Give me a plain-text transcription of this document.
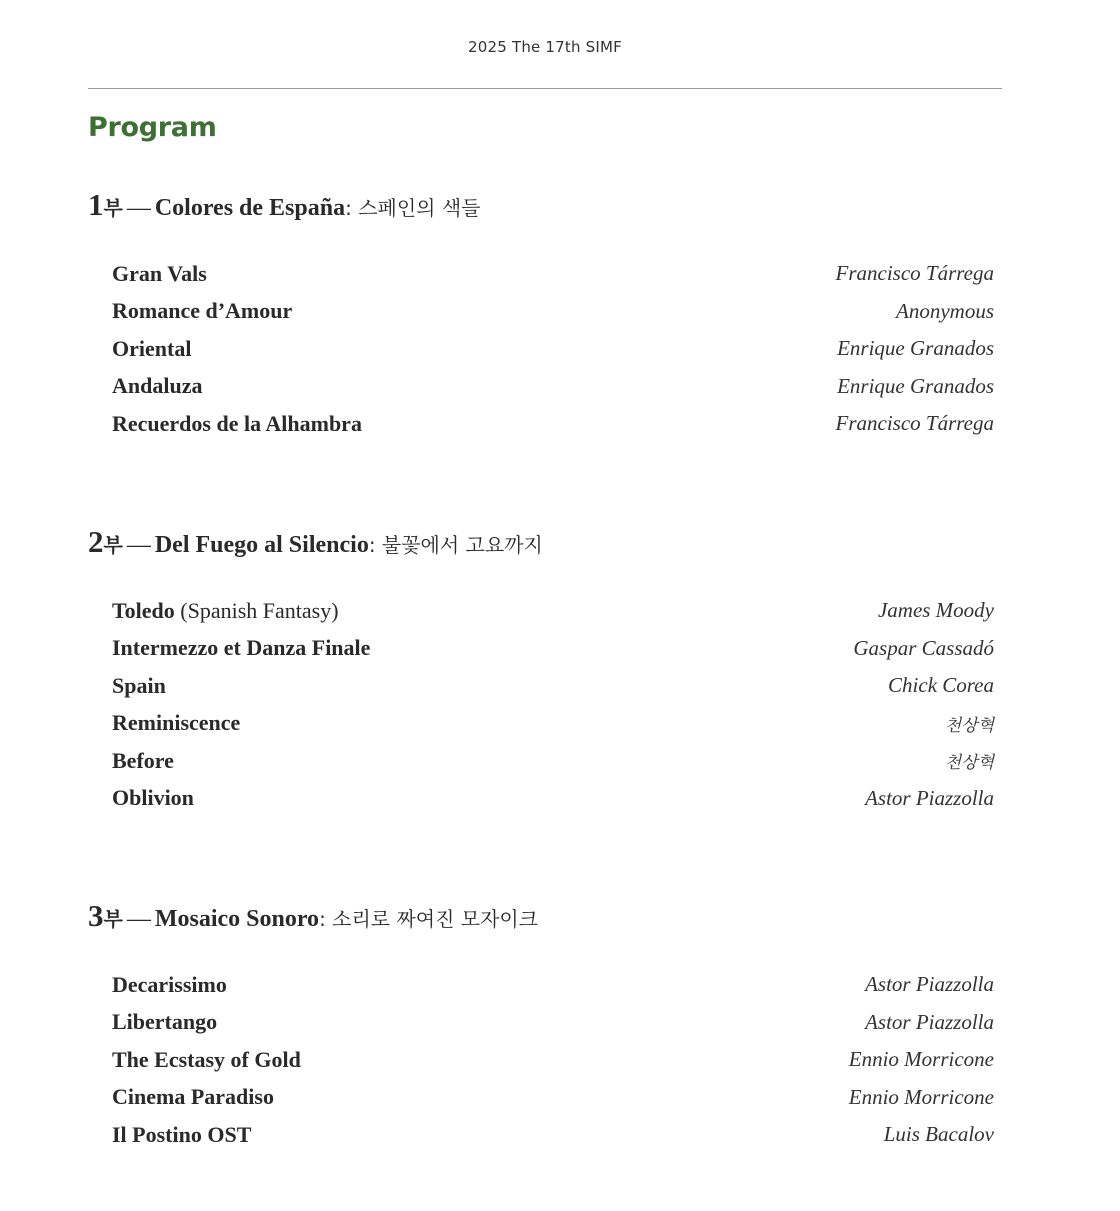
2025 The 17th SIMF
Program
1부 — Colores de España: 스페인의 색들
Gran Vals	Francisco Tárrega
Romance d’Amour	Anonymous
Oriental	Enrique Granados
Andaluza	Enrique Granados
Recuerdos de la Alhambra	Francisco Tárrega
2부 — Del Fuego al Silencio: 불꽃에서 고요까지
Toledo (Spanish Fantasy)	James Moody
Intermezzo et Danza Finale	Gaspar Cassadó
Spain	Chick Corea
Reminiscence	천상혁
Before	천상혁
Oblivion	Astor Piazzolla
3부 — Mosaico Sonoro: 소리로 짜여진 모자이크
Decarissimo	Astor Piazzolla
Libertango	Astor Piazzolla
The Ecstasy of Gold	Ennio Morricone
Cinema Paradiso	Ennio Morricone
Il Postino OST	Luis Bacalov
